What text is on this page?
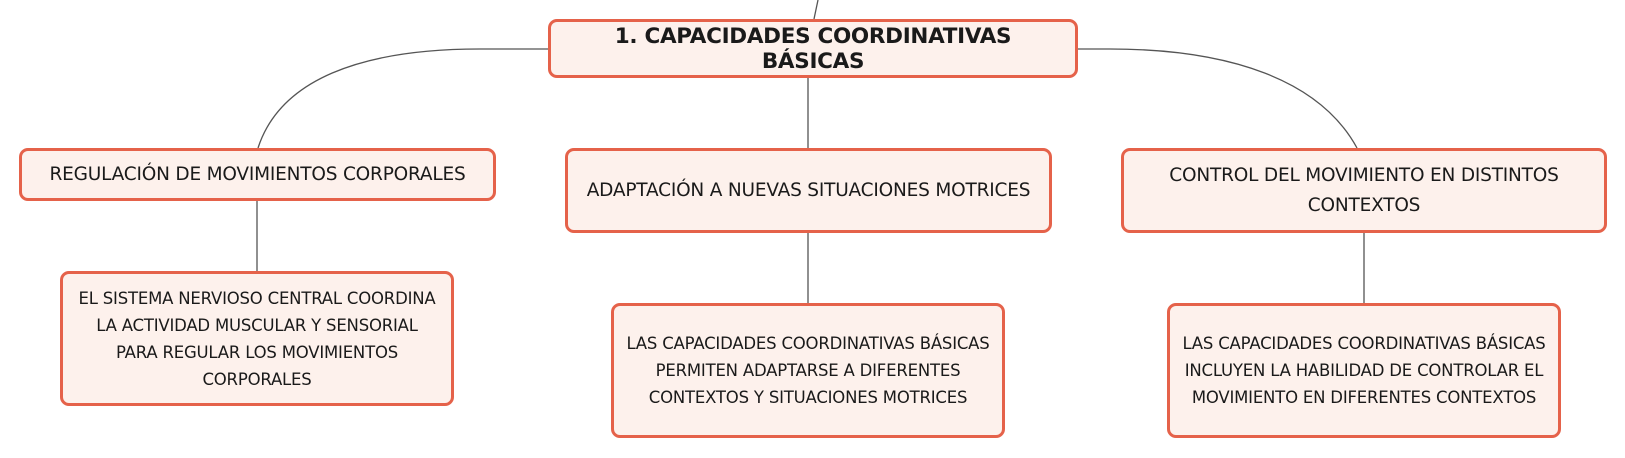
1. CAPACIDADES COORDINATIVAS BÁSICAS
REGULACIÓN DE MOVIMIENTOS CORPORALES
ADAPTACIÓN A NUEVAS SITUACIONES MOTRICES
CONTROL DEL MOVIMIENTO EN DISTINTOS CONTEXTOS
EL SISTEMA NERVIOSO CENTRAL COORDINA LA ACTIVIDAD MUSCULAR Y SENSORIAL PARA REGULAR LOS MOVIMIENTOS CORPORALES
LAS CAPACIDADES COORDINATIVAS BÁSICAS PERMITEN ADAPTARSE A DIFERENTES CONTEXTOS Y SITUACIONES MOTRICES
LAS CAPACIDADES COORDINATIVAS BÁSICAS INCLUYEN LA HABILIDAD DE CONTROLAR EL MOVIMIENTO EN DIFERENTES CONTEXTOS
